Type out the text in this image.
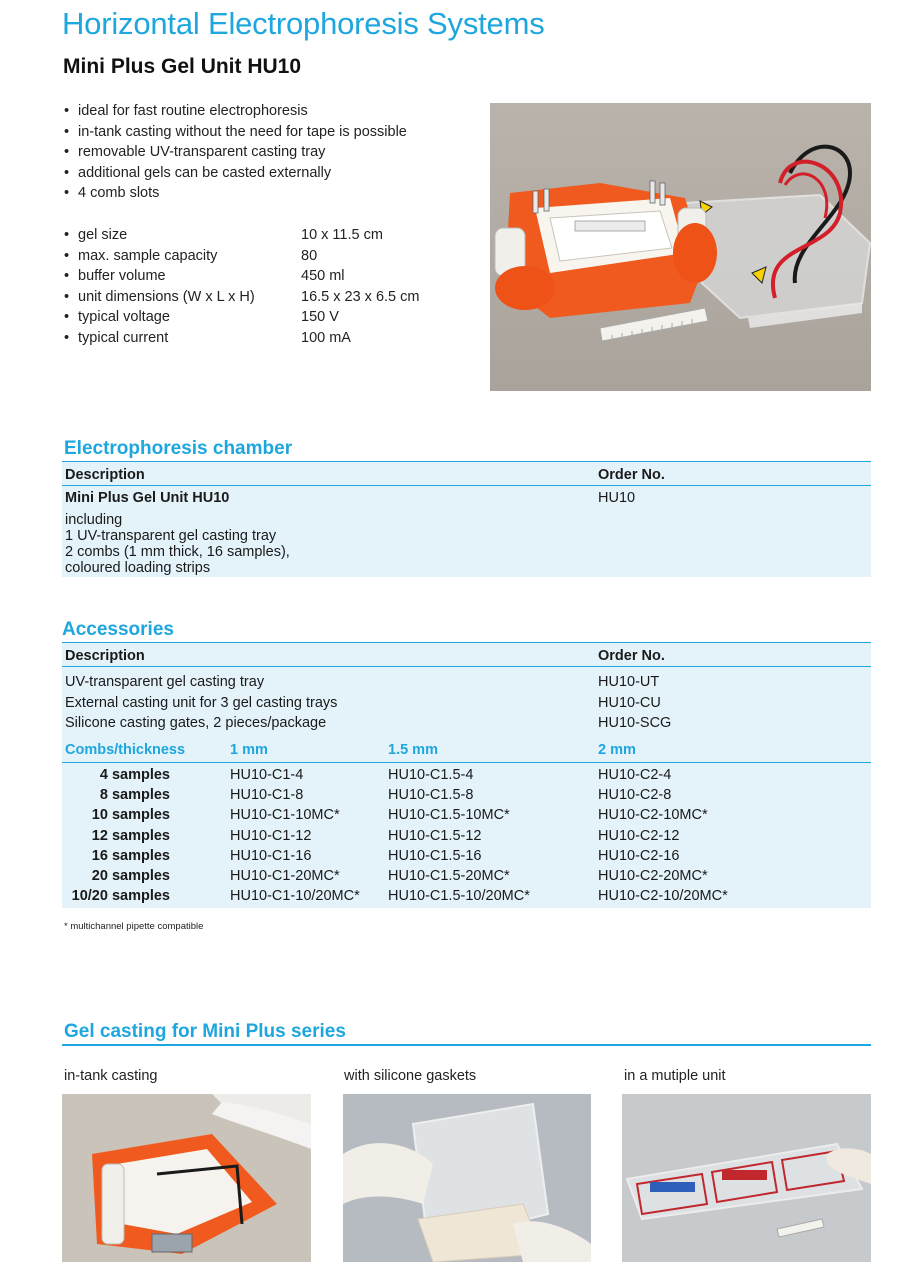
Horizontal Electrophoresis Systems
Mini Plus Gel Unit HU10
• ideal for fast routine electrophoresis
• in-tank casting without the need for tape is possible
• removable UV-transparent casting tray
• additional gels can be casted externally
• 4 comb slots
• gel size	10 x 11.5 cm
• max. sample capacity	80
• buffer volume	450 ml
• unit dimensions (W x L x H)	16.5 x 23 x 6.5 cm
• typical voltage	150 V
• typical current	100 mA
Electrophoresis chamber
Description	Order No.
Mini Plus Gel Unit HU10	HU10
including
1 UV-transparent gel casting tray
2 combs (1 mm thick, 16 samples),
coloured loading strips
Accessories
Description	Order No.
UV-transparent gel casting tray	HU10-UT
External casting unit for 3 gel casting trays	HU10-CU
Silicone casting gates, 2 pieces/package	HU10-SCG
Combs/thickness	1 mm	1.5 mm	2 mm
4 samples	HU10-C1-4	HU10-C1.5-4	HU10-C2-4
8 samples	HU10-C1-8	HU10-C1.5-8	HU10-C2-8
10 samples	HU10-C1-10MC*	HU10-C1.5-10MC*	HU10-C2-10MC*
12 samples	HU10-C1-12	HU10-C1.5-12	HU10-C2-12
16 samples	HU10-C1-16	HU10-C1.5-16	HU10-C2-16
20 samples	HU10-C1-20MC*	HU10-C1.5-20MC*	HU10-C2-20MC*
10/20 samples	HU10-C1-10/20MC* HU10-C1.5-10/20MC*	HU10-C2-10/20MC*
* multichannel pipette compatible
Gel casting for Mini Plus series
in-tank casting	with silicone gaskets	in a mutiple unit
